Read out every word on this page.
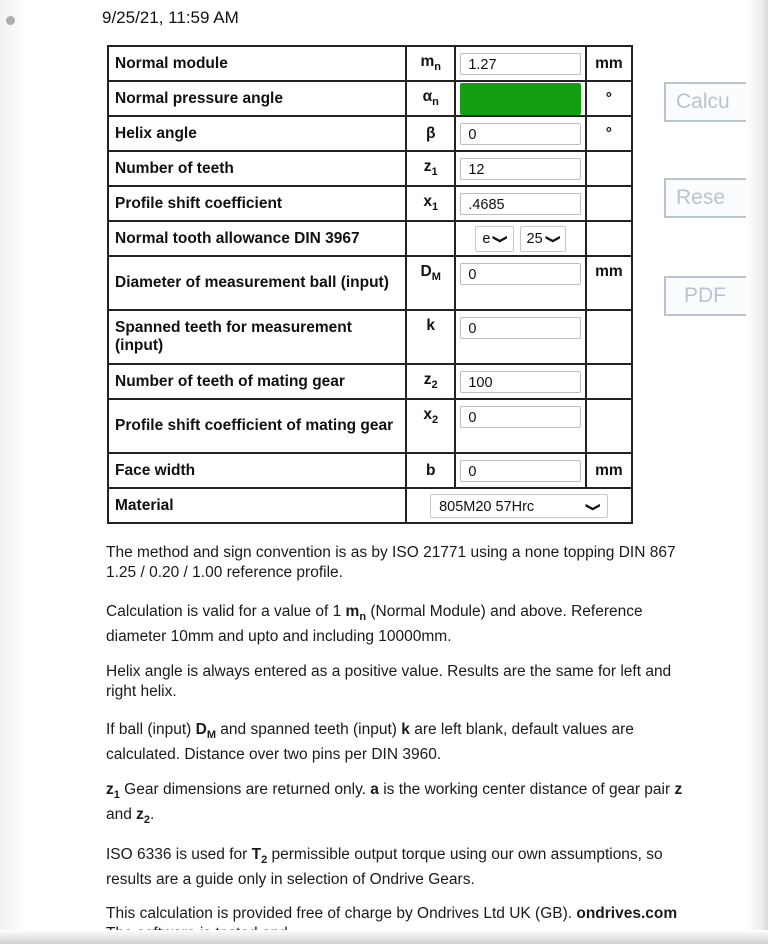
9/25/21, 11:59 AM
Normal module	$m_n$	1.27	mm
Normal pressure angle	$\alpha_n$		°
Helix angle	β	0	°
Number of teeth	$z_1$	12	

Profile shift coefficient	$x_1$	.4685	

Normal tooth allowance DIN 3967		e ❯ 25 ❯	

Diameter of measurement ball (input)	$D_M$	0	mm
Spanned teeth for measurement (input)	k	0	

Number of teeth of mating gear	$z_2$	100	

Profile shift coefficient of mating gear	$x_2$	0	

Face width	b	0	mm
Material	805M20 57Hrc ❯		
Calcu
Rese
PDF
The method and sign convention is as by ISO 21771 using a none topping DIN 867
1.25 / 0.20 / 1.00 reference profile.
Calculation is valid for a value of 1 $m_n$ (Normal Module) and above. Reference
diameter 10mm and upto and including 10000mm.
Helix angle is always entered as a positive value. Results are the same for left and
right helix.
If ball (input) $D_M$ and spanned teeth (input) k are left blank, default values are
calculated. Distance over two pins per DIN 3960.
$z_1$ Gear dimensions are returned only. a is the working center distance of gear pair z
and $z_2$.
ISO 6336 is used for $T_2$ permissible output torque using our own assumptions, so
results are a guide only in selection of Ondrive Gears.
This calculation is provided free of charge by Ondrives Ltd UK (GB). ondrives.com
